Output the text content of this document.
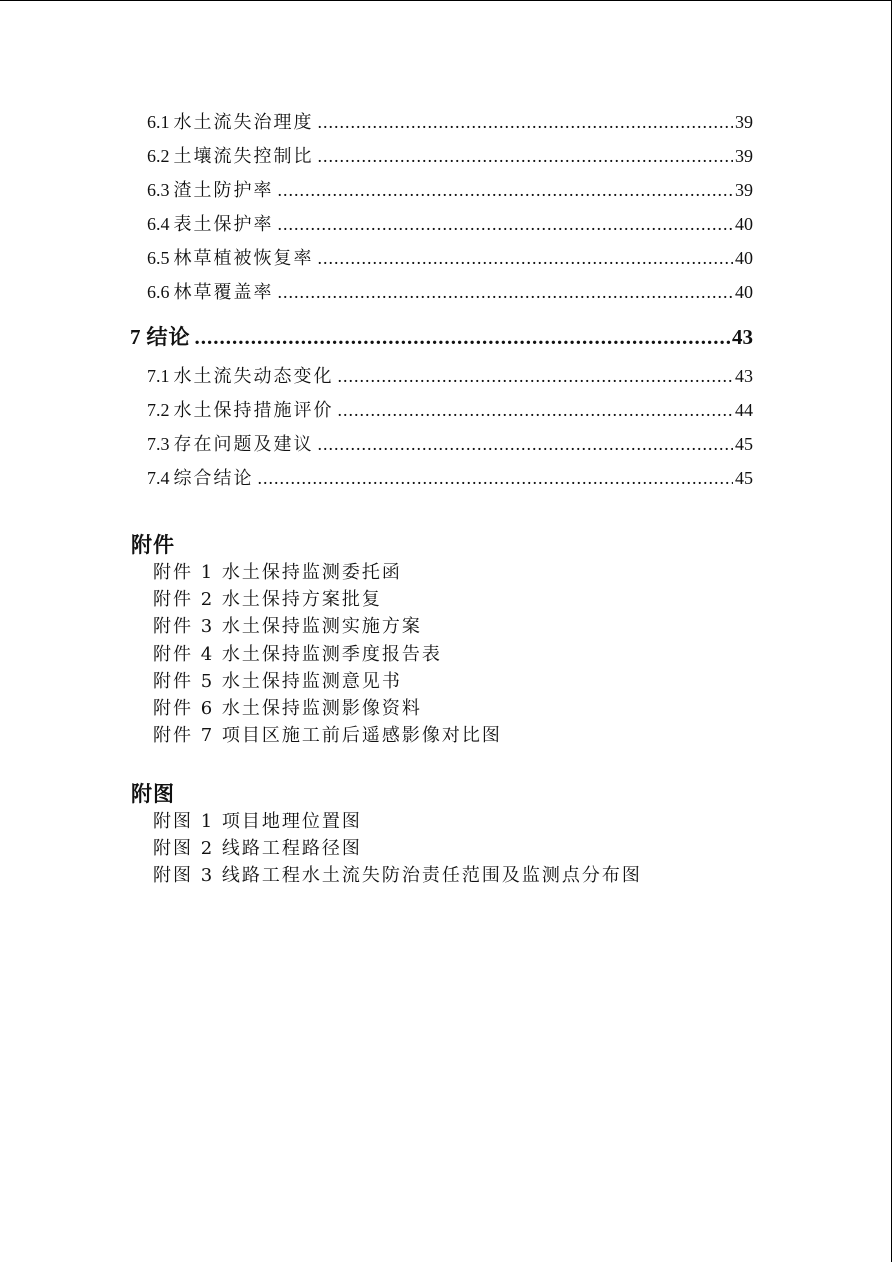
6.1 水土流失治理度 .....	39
6.2 土壤流失控制比 .....	39
6.3 渣土防护率 .....	39
6.4 表土保护率 .....	40
6.5 林草植被恢复率 .....	40
6.6 林草覆盖率 .....	40
7 结论 .....	43
7.1 水土流失动态变化 .....	43
7.2 水土保持措施评价 .....	44
7.3 存在问题及建议 .....	45
7.4 综合结论 .....	45
附件
附件 1 水土保持监测委托函
附件 2 水土保持方案批复
附件 3 水土保持监测实施方案
附件 4 水土保持监测季度报告表
附件 5 水土保持监测意见书
附件 6 水土保持监测影像资料
附件 7 项目区施工前后遥感影像对比图
附图
附图 1 项目地理位置图
附图 2 线路工程路径图
附图 3 线路工程水土流失防治责任范围及监测点分布图
